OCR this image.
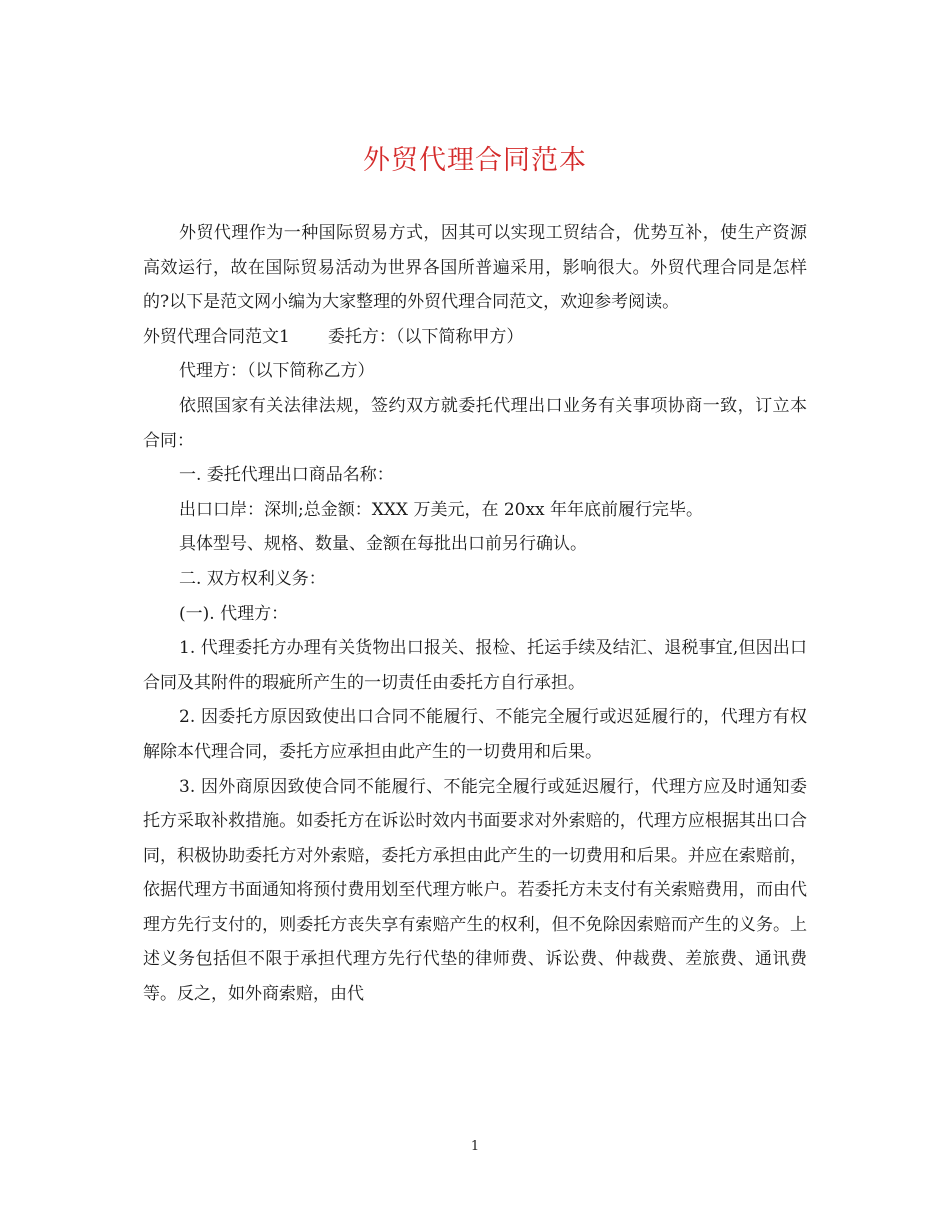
外贸代理合同范本

外贸代理作为一种国际贸易方式，因其可以实现工贸结合，优势互补，使生产资源高效运行，故在国际贸易活动为世界各国所普遍采用，影响很大。外贸代理合同是怎样的?以下是范文网小编为大家整理的外贸代理合同范文，欢迎参考阅读。

外贸代理合同范文1 委托方：（以下简称甲方）

代理方：（以下简称乙方）

依照国家有关法律法规，签约双方就委托代理出口业务有关事项协商一致，订立本合同：

一. 委托代理出口商品名称：

出口口岸：深圳;总金额：XXX 万美元，在 20xx 年年底前履行完毕。

具体型号、规格、数量、金额在每批出口前另行确认。

二. 双方权利义务：

(一). 代理方：

1. 代理委托方办理有关货物出口报关、报检、托运手续及结汇、退税事宜,但因出口合同及其附件的瑕疵所产生的一切责任由委托方自行承担。

2. 因委托方原因致使出口合同不能履行、不能完全履行或迟延履行的，代理方有权解除本代理合同，委托方应承担由此产生的一切费用和后果。

3. 因外商原因致使合同不能履行、不能完全履行或延迟履行，代理方应及时通知委托方采取补救措施。如委托方在诉讼时效内书面要求对外索赔的，代理方应根据其出口合同，积极协助委托方对外索赔，委托方承担由此产生的一切费用和后果。并应在索赔前，依据代理方书面通知将预付费用划至代理方帐户。若委托方未支付有关索赔费用，而由代理方先行支付的，则委托方丧失享有索赔产生的权利，但不免除因索赔而产生的义务。上述义务包括但不限于承担代理方先行代垫的律师费、诉讼费、仲裁费、差旅费、通讯费等。反之，如外商索赔，由代

1
